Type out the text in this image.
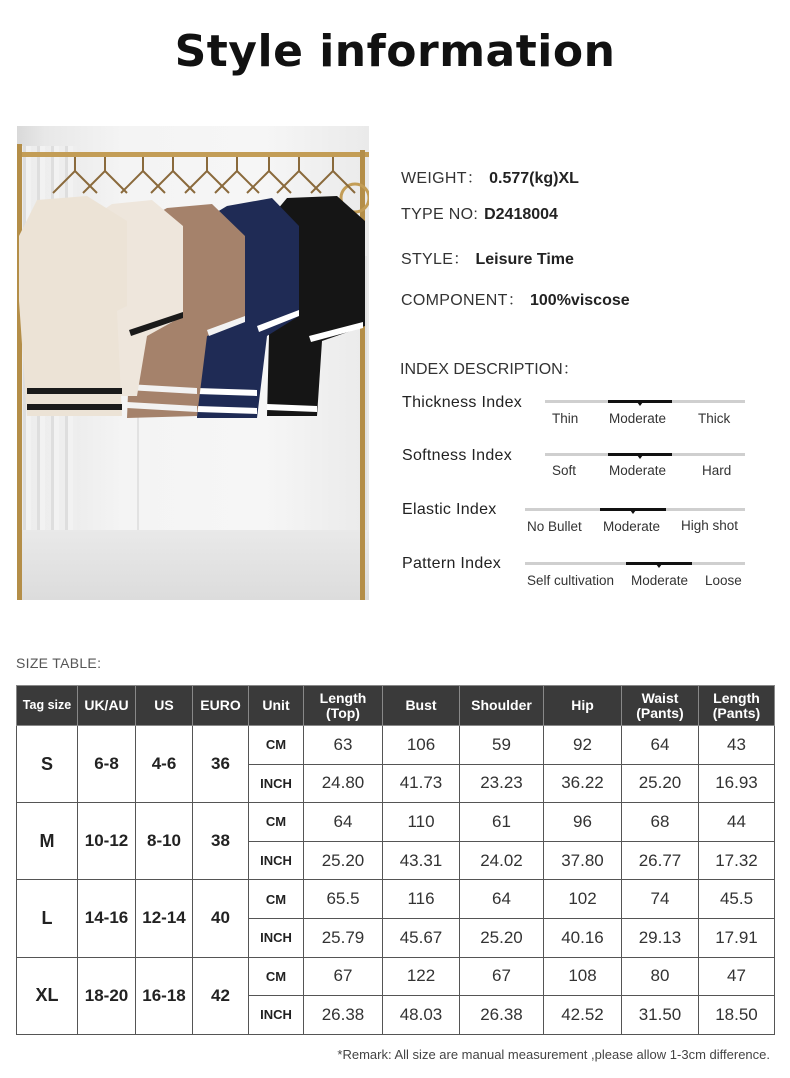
Style information
WEIGHT： 0.577(kg)XL
TYPE NO: D2418004
STYLE： Leisure Time
COMPONENT： 100%viscose
INDEX DESCRIPTION：
Thickness Index
Thin Moderate Thick
Softness Index
Soft Moderate	Hard
Elastic Index
No Bullet Moderate High shot
Pattern Index
Self cultivation Moderate Loose
SIZE TABLE:
Tag size	UK/AU	US	EURO	Unit	Length
(Top)	Bust	Shoulder	Hip	Waist
(Pants)	Length
(Pants)
S	6-8	4-6	36	CM	63	106	59	92	64	43
				INCH	24.80	41.73	23.23	36.22	25.20	16.93
M	10-12	8-10	38	CM	64	110	61	96	68	44
				INCH	25.20	43.31	24.02	37.80	26.77	17.32
L	14-16	12-14	40	CM	65.5	116	64	102	74	45.5
				INCH	25.79	45.67	25.20	40.16	29.13	17.91
XL	18-20	16-18	42	CM	67	122	67	108	80	47
				INCH	26.38	48.03	26.38	42.52	31.50	18.50
*Remark: All size are manual measurement ,please allow 1-3cm difference.
